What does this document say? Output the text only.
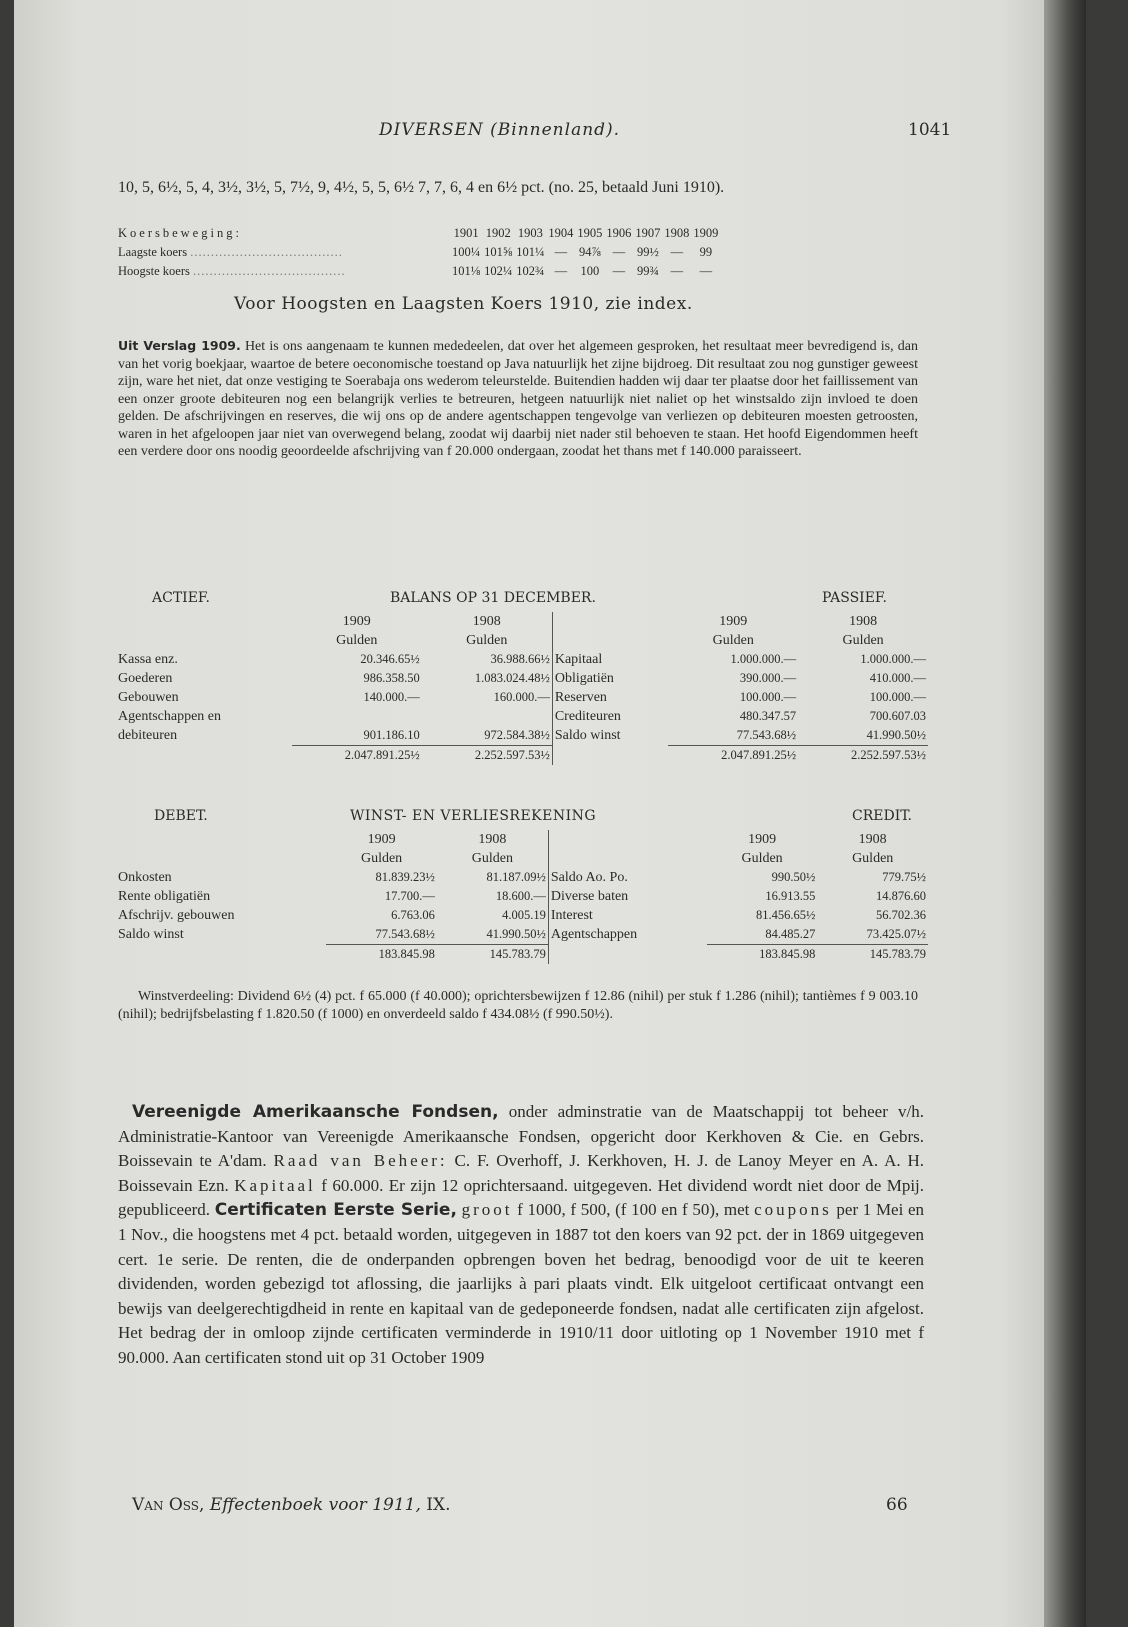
DIVERSEN (Binnenland).	1041
10, 5, 6½, 5, 4, 3½, 3½, 5, 7½, 9, 4½, 5, 5, 6½ 7, 7, 6, 4 en 6½ pct. (no. 25, betaald Juni 1910).
Koersbeweging:	1901	1902	1903	1904	1905	1906	1907	1908	1909
Laagste koers .....................................	100¼	101⅝	101¼	—	94⅞	—	99½	—	99
Hoogste koers .....................................	101⅛	102¼	102¾	—	100	—	99¾	—	—
Voor Hoogsten en Laagsten Koers 1910, zie index.
Uit Verslag 1909. Het is ons aangenaam te kunnen mededeelen, dat over het algemeen gesproken, het resultaat meer bevredigend is, dan van het vorig boekjaar, waartoe de betere oeconomische toestand op Java natuurlijk het zijne bijdroeg. Dit resultaat zou nog gunstiger geweest zijn, ware het niet, dat onze vestiging te Soerabaja ons wederom teleurstelde. Buitendien hadden wij daar ter plaatse door het faillissement van een onzer groote debiteuren nog een belangrijk verlies te betreuren, hetgeen natuurlijk niet naliet op het winstsaldo zijn invloed te doen gelden. De afschrijvingen en reserves, die wij ons op de andere agentschappen tengevolge van verliezen op debiteuren moesten getroosten, waren in het afgeloopen jaar niet van overwegend belang, zoodat wij daarbij niet nader stil behoeven te staan. Het hoofd Eigendommen heeft een verdere door ons noodig geoordeelde afschrijving van f 20.000 ondergaan, zoodat het thans met f 140.000 paraisseert.
ACTIEF.	BALANS OP 31 DECEMBER.	PASSIEF.
	1909	1908		1909	1908
	Gulden	Gulden		Gulden	Gulden
Kassa enz.	20.346.65½	36.988.66½	Kapitaal	1.000.000.—	1.000.000.—
Goederen	986.358.50	1.083.024.48½	Obligatiën	390.000.—	410.000.—
Gebouwen	140.000.—	160.000.—	Reserven	100.000.—	100.000.—
Agentschappen en			Crediteuren	480.347.57	700.607.03
debiteuren	901.186.10	972.584.38½	Saldo winst	77.543.68½	41.990.50½

	2.047.891.25½	2.252.597.53½		2.047.891.25½	2.252.597.53½
DEBET.	WINST- EN VERLIESREKENING	CREDIT.
	1909	1908		1909	1908
	Gulden	Gulden		Gulden	Gulden
Onkosten	81.839.23½	81.187.09½	Saldo Ao. Po.	990.50½	779.75½
Rente obligatiën	17.700.—	18.600.—	Diverse baten	16.913.55	14.876.60
Afschrijv. gebouwen	6.763.06	4.005.19	Interest	81.456.65½	56.702.36
Saldo winst	77.543.68½	41.990.50½	Agentschappen	84.485.27	73.425.07½

	183.845.98	145.783.79		183.845.98	145.783.79
Winstverdeeling: Dividend 6½ (4) pct. f 65.000 (f 40.000); oprichtersbewijzen f 12.86 (nihil) per stuk f 1.286 (nihil); tantièmes f 9 003.10 (nihil); bedrijfsbelasting f 1.820.50 (f 1000) en onverdeeld saldo f 434.08½ (f 990.50½).
Vereenigde Amerikaansche Fondsen, onder adminstratie van de Maatschappij tot beheer v/h. Administratie-Kantoor van Vereenigde Amerikaansche Fondsen, opgericht door Kerkhoven & Cie. en Gebrs. Boissevain te A'dam. Raad van Beheer: C. F. Overhoff, J. Kerkhoven, H. J. de Lanoy Meyer en A. A. H. Boissevain Ezn. Kapitaal f 60.000. Er zijn 12 oprichtersaand. uitgegeven. Het dividend wordt niet door de Mpij. gepubliceerd. Certificaten Eerste Serie, groot f 1000, f 500, (f 100 en f 50), met coupons per 1 Mei en 1 Nov., die hoogstens met 4 pct. betaald worden, uitgegeven in 1887 tot den koers van 92 pct. der in 1869 uitgegeven cert. 1e serie. De renten, die de onderpanden opbrengen boven het bedrag, benoodigd voor de uit te keeren dividenden, worden gebezigd tot aflossing, die jaarlijks à pari plaats vindt. Elk uitgeloot certificaat ontvangt een bewijs van deelgerechtigdheid in rente en kapitaal van de gedeponeerde fondsen, nadat alle certificaten zijn afgelost. Het bedrag der in omloop zijnde certificaten verminderde in 1910/11 door uitloting op 1 November 1910 met f 90.000. Aan certificaten stond uit op 31 October 1909
Van Oss, Effectenboek voor 1911, IX.	66
